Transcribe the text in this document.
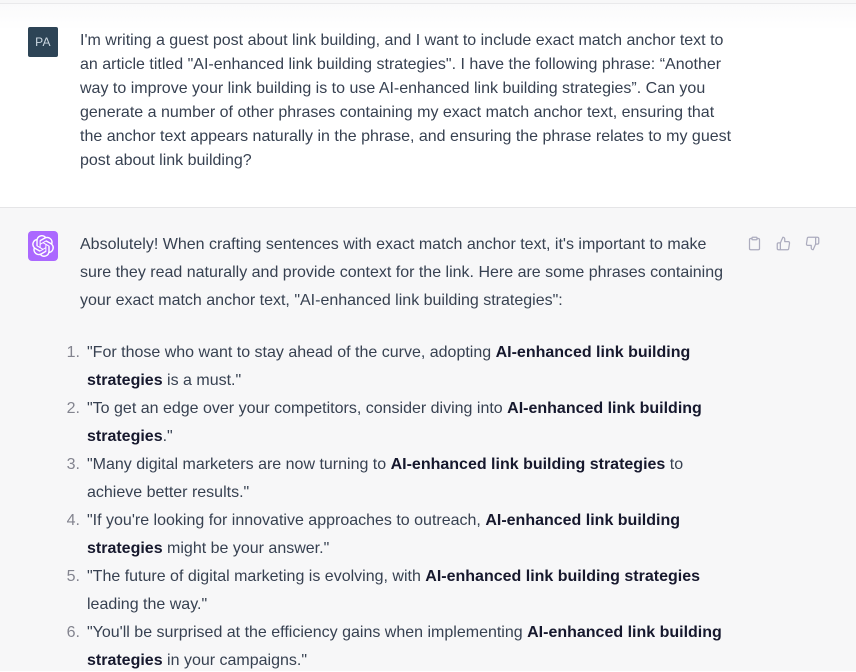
PA	I'm writing a guest post about link building, and I want to include exact match anchor text to an article titled "AI-enhanced link building strategies". I have the following phrase: “Another way to improve your link building is to use AI-enhanced link building strategies”. Can you generate a number of other phrases containing my exact match anchor text, ensuring that the anchor text appears naturally in the phrase, and ensuring the phrase relates to my guest post about link building?

Absolutely! When crafting sentences with exact match anchor text, it's important to make sure they read naturally and provide context for the link. Here are some phrases containing your exact match anchor text, "AI-enhanced link building strategies":

"For those who want to stay ahead of the curve, adopting AI-enhanced link building strategies is a must."
"To get an edge over your competitors, consider diving into AI-enhanced link building strategies."
"Many digital marketers are now turning to AI-enhanced link building strategies to achieve better results."
"If you're looking for innovative approaches to outreach, AI-enhanced link building strategies might be your answer."
"The future of digital marketing is evolving, with AI-enhanced link building strategies leading the way."
"You'll be surprised at the efficiency gains when implementing AI-enhanced link building strategies in your campaigns."
